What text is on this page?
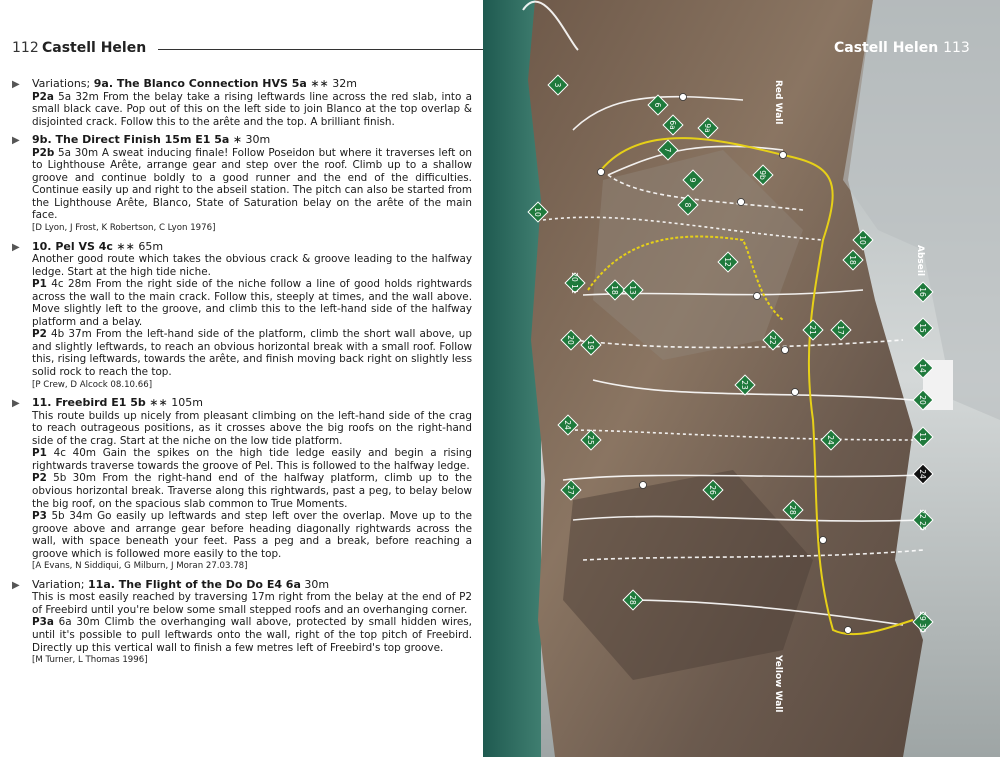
112 Castell Helen
▶ Variations; 9a. The Blanco Connection HVS 5a ∗∗ 32m
P2a 5a 32m From the belay take a rising leftwards line across the red slab, into a small black cave. Pop out of this on the left side to join Blanco at the top overlap & disjointed crack. Follow this to the arête and the top. A brilliant finish.
▶ 9b. The Direct Finish 15m E1 5a ∗ 30m
P2b 5a 30m A sweat inducing finale! Follow Poseidon but where it traverses left on to Lighthouse Arête, arrange gear and step over the roof. Climb up to a shallow groove and continue boldly to a good runner and the end of the difficulties. Continue easily up and right to the abseil station. The pitch can also be started from the Lighthouse Arête, Blanco, State of Saturation belay on the arête of the main face.
[D Lyon, J Frost, K Robertson, C Lyon 1976]
▶ 10. Pel VS 4c ∗∗ 65m
Another good route which takes the obvious crack & groove leading to the halfway ledge. Start at the high tide niche.
P1 4c 28m From the right side of the niche follow a line of good holds rightwards across the wall to the main crack. Follow this, steeply at times, and the wall above. Move slightly left to the groove, and climb this to the left-hand side of the halfway platform and a belay.
P2 4b 37m From the left-hand side of the platform, climb the short wall above, up and slightly leftwards, to reach an obvious horizontal break with a small roof. Follow this, rising leftwards, towards the arête, and finish moving back right on slightly less solid rock to reach the top.
[P Crew, D Alcock 08.10.66]
▶ 11. Freebird E1 5b ∗∗ 105m
This route builds up nicely from pleasant climbing on the left-hand side of the crag to reach outrageous positions, as it crosses above the big roofs on the right-hand side of the crag. Start at the niche on the low tide platform.
P1 4c 40m Gain the spikes on the high tide ledge easily and begin a rising rightwards traverse towards the groove of Pel. This is followed to the halfway ledge.
P2 5b 30m From the right-hand end of the halfway platform, climb up to the obvious horizontal break. Traverse along this rightwards, past a peg, to belay below the big roof, on the spacious slab common to True Moments.
P3 5b 34m Go easily up leftwards and step left over the overlap. Move up to the groove above and arrange gear before heading diagonally rightwards across the wall, with space beneath your feet. Pass a peg and a break, before reaching a groove which is followed more easily to the top.
[A Evans, N Siddiqui, G Milburn, J Moran 27.03.78]
▶ Variation; 11a. The Flight of the Do Do E4 6a 30m
This is most easily reached by traversing 17m right from the belay at the end of P2 of Freebird until you're below some small stepped roofs and an overhanging corner.
P3a 6a 30m Climb the overhanging wall above, protected by small hidden wires, until it's possible to pull leftwards onto the wall, right of the top pitch of Freebird. Directly up this vertical wall to finish a few metres left of Freebird's top groove.
[M Turner, L Thomas 1996]
3
10
20 11	18
19
20
24
25
27
28
16
15
14
20
11
24
22 25
29 30
6
6a
7
9
8
9a
9b
10
12
13
17
18
21
22
23
24
26
28
Red Wall
Yellow Wall
Abseil
Castell Helen 113
